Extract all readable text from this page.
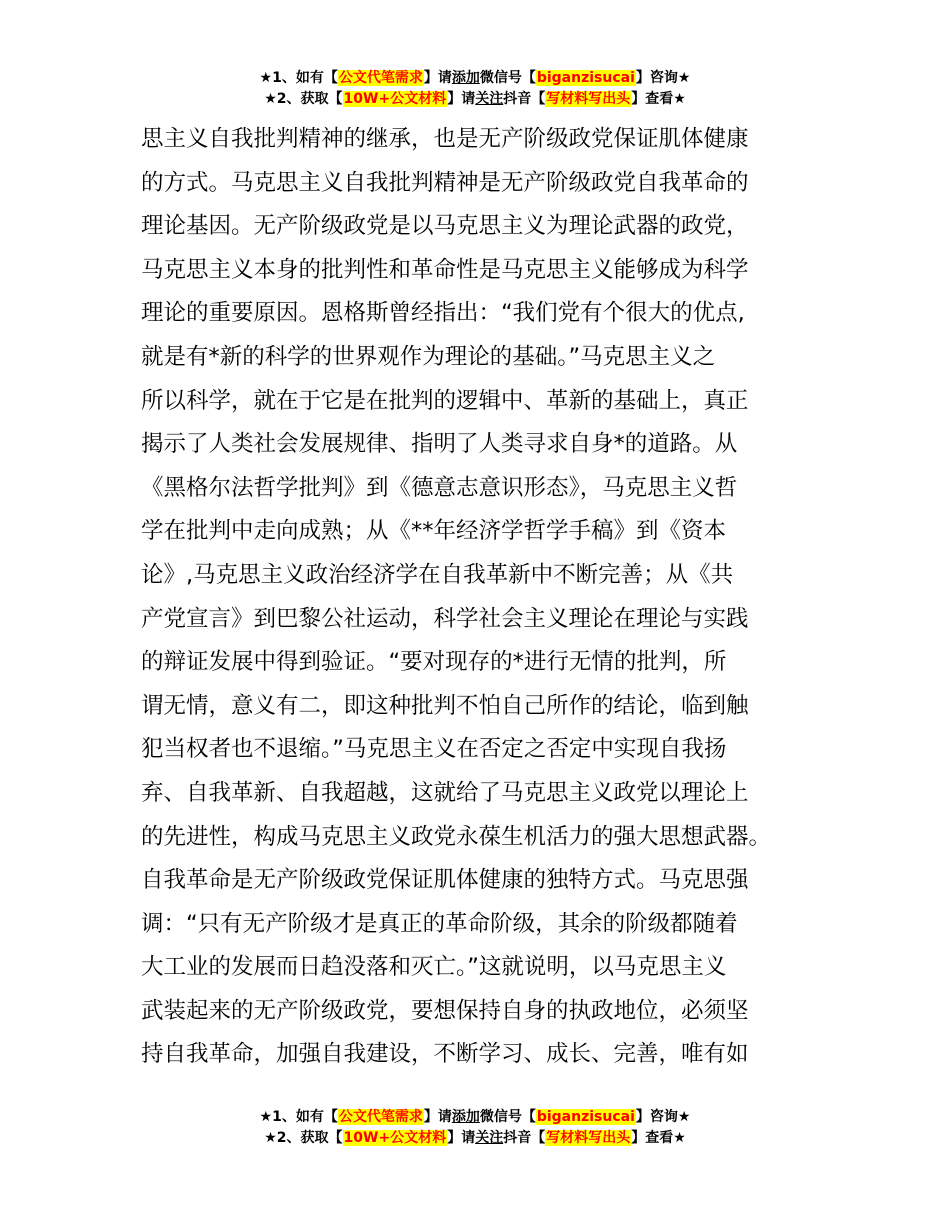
★1、如有【公文代笔需求】请添加微信号【biganzisucai】咨询★
★2、获取【10W+公文材料】请关注抖音【写材料写出头】查看★
思主义自我批判精神的继承，也是无产阶级政党保证肌体健康
的方式。马克思主义自我批判精神是无产阶级政党自我革命的
理论基因。无产阶级政党是以马克思主义为理论武器的政党，
马克思主义本身的批判性和革命性是马克思主义能够成为科学
理论的重要原因。恩格斯曾经指出：“我们党有个很大的优点,
就是有*新的科学的世界观作为理论的基础。”马克思主义之
所以科学，就在于它是在批判的逻辑中、革新的基础上，真正
揭示了人类社会发展规律、指明了人类寻求自身*的道路。从
《黑格尔法哲学批判》到《德意志意识形态》，马克思主义哲
学在批判中走向成熟；从《**年经济学哲学手稿》到《资本
论》,马克思主义政治经济学在自我革新中不断完善；从《共
产党宣言》到巴黎公社运动，科学社会主义理论在理论与实践
的辩证发展中得到验证。“要对现存的*进行无情的批判，所
谓无情，意义有二，即这种批判不怕自己所作的结论，临到触
犯当权者也不退缩。”马克思主义在否定之否定中实现自我扬
弃、自我革新、自我超越，这就给了马克思主义政党以理论上
的先进性，构成马克思主义政党永葆生机活力的强大思想武器。
自我革命是无产阶级政党保证肌体健康的独特方式。马克思强
调：“只有无产阶级才是真正的革命阶级，其余的阶级都随着
大工业的发展而日趋没落和灭亡。”这就说明，以马克思主义
武装起来的无产阶级政党，要想保持自身的执政地位，必须坚
持自我革命，加强自我建设，不断学习、成长、完善，唯有如
★1、如有【公文代笔需求】请添加微信号【biganzisucai】咨询★
★2、获取【10W+公文材料】请关注抖音【写材料写出头】查看★
